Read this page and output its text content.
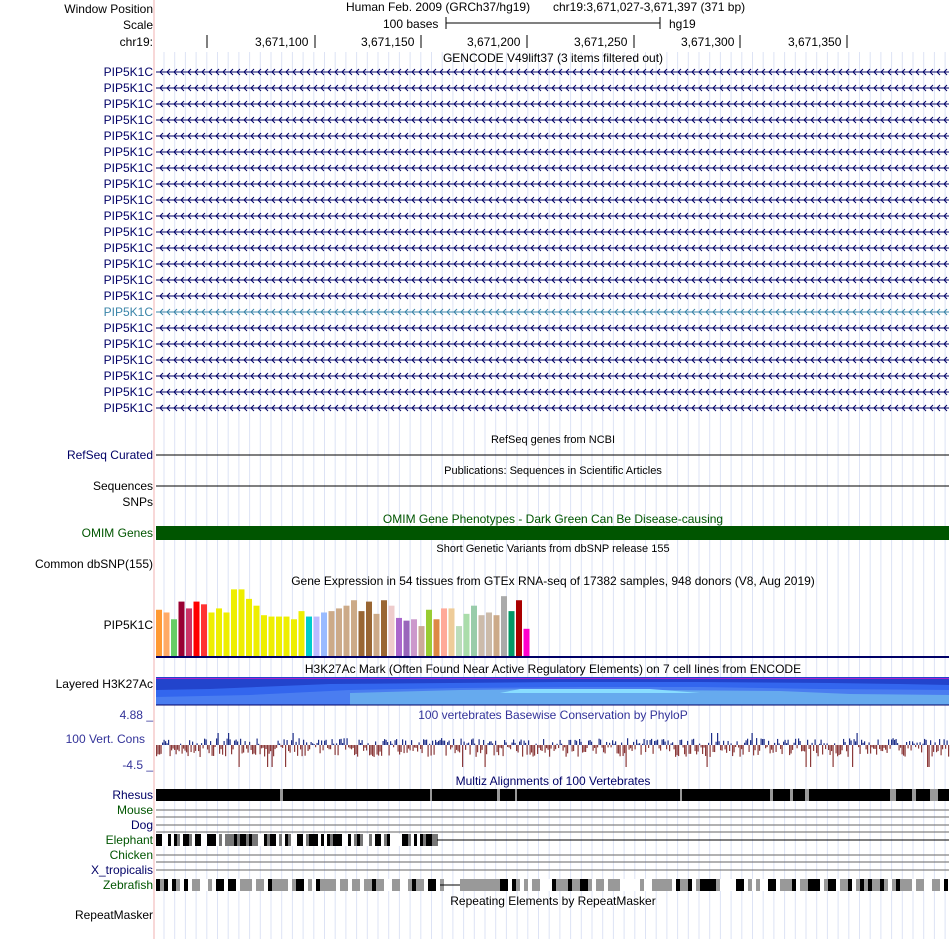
Window Position	Human Feb. 2009 (GRCh37/hg19) chr19:3,671,027-3,671,397 (371 bp)
Scale	100 bases	hg19
chr19:	3,671,100	3,671,150	3,671,200	3,671,250	3,671,300	3,671,350
GENCODE V49lift37 (3 items filtered out)
PIP5K1C
PIP5K1C
PIP5K1C
PIP5K1C
PIP5K1C
PIP5K1C
PIP5K1C
PIP5K1C
PIP5K1C
PIP5K1C
PIP5K1C
PIP5K1C
PIP5K1C
PIP5K1C
PIP5K1C
PIP5K1C
PIP5K1C
PIP5K1C
PIP5K1C
PIP5K1C
PIP5K1C
PIP5K1C
RefSeq genes from NCBI
RefSeq Curated
Publications: Sequences in Scientific Articles
Sequences
SNPs
OMIM Gene Phenotypes - Dark Green Can Be Disease-causing
OMIM Genes
Short Genetic Variants from dbSNP release 155
Common dbSNP(155)
Gene Expression in 54 tissues from GTEx RNA-seq of 17382 samples, 948 donors (V8, Aug 2019)
PIP5K1C
H3K27Ac Mark (Often Found Near Active Regulatory Elements) on 7 cell lines from ENCODE
Layered H3K27Ac
100 vertebrates Basewise Conservation by PhyloP
4.88 _
100 Vert. Cons
-4.5 _
Multiz Alignments of 100 Vertebrates
Rhesus
Mouse
Dog
Elephant
Chicken
X_tropicalis
Zebrafish
Repeating Elements by RepeatMasker
RepeatMasker
